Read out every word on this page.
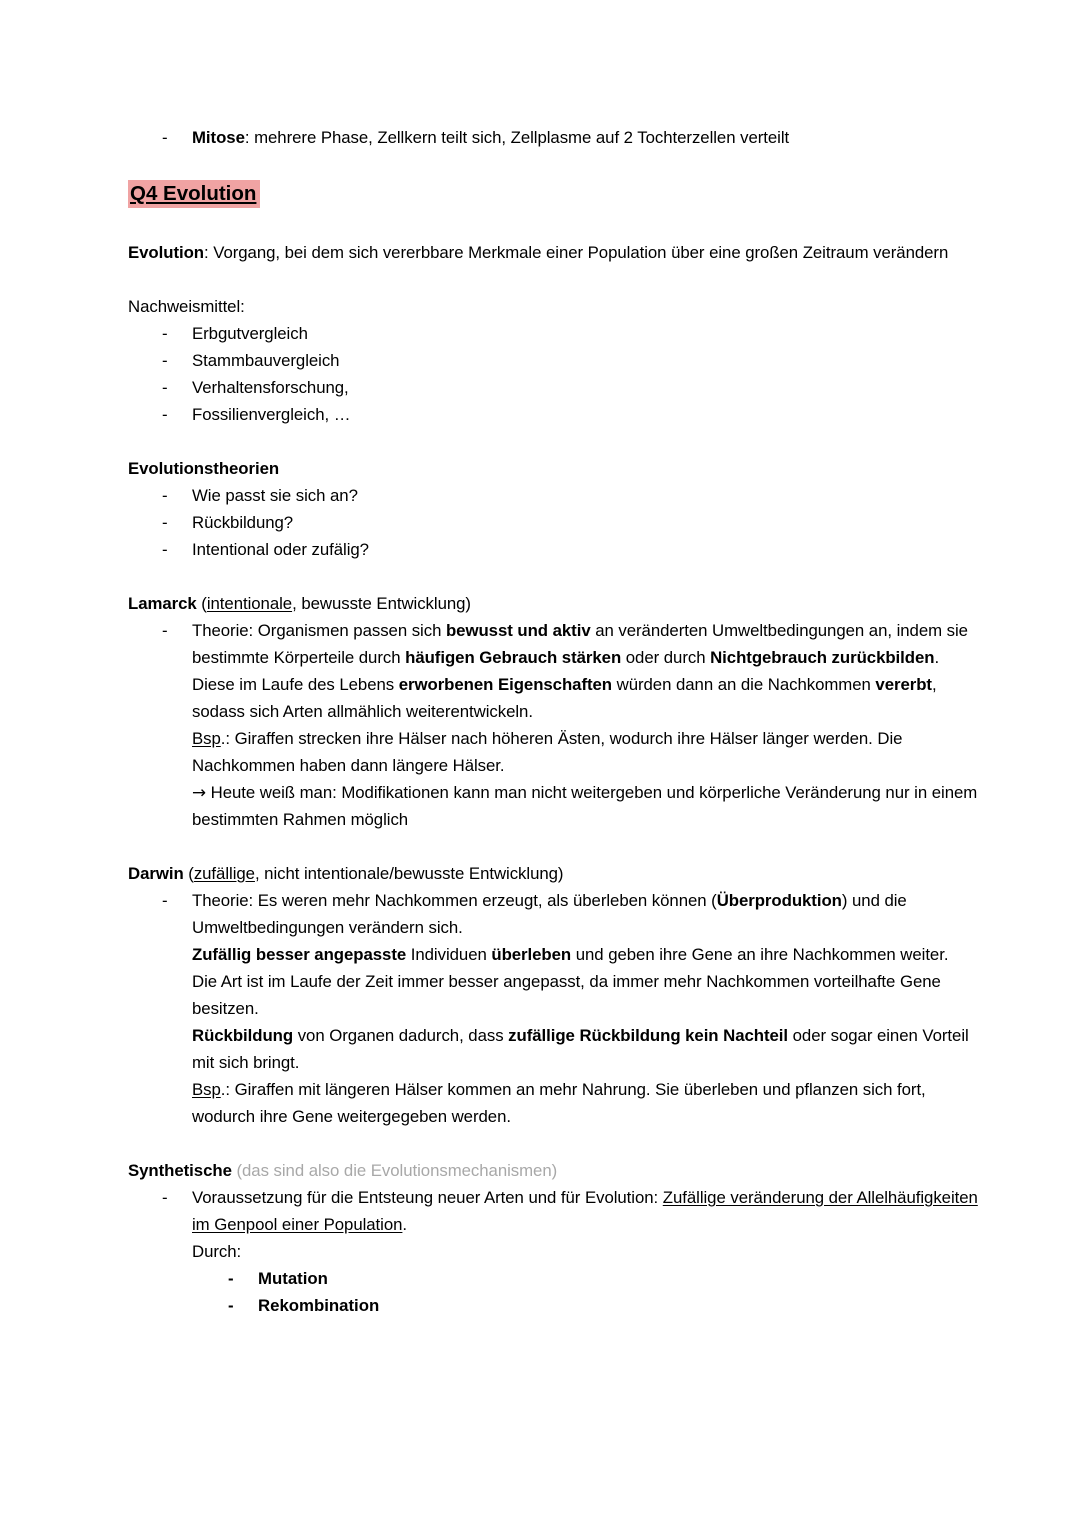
- Mitose: mehrere Phase, Zellkern teilt sich, Zellplasme auf 2 Tochterzellen verteilt

Q4 Evolution

Evolution: Vorgang, bei dem sich vererbbare Merkmale einer Population über eine großen Zeitraum verändern

Nachweismittel:

- Erbgutvergleich
- Stammbauvergleich
- Verhaltensforschung,
- Fossilienvergleich, …

Evolutionstheorien

- Wie passt sie sich an?
- Rückbildung?
- Intentional oder zufälig?

Lamarck (intentionale, bewusste Entwicklung)

- Theorie: Organismen passen sich bewusst und aktiv an veränderten Umweltbedingungen an, indem sie bestimmte Körperteile durch häufigen Gebrauch stärken oder durch Nichtgebrauch zurückbilden. Diese im Laufe des Lebens erworbenen Eigenschaften würden dann an die Nachkommen vererbt, sodass sich Arten allmählich weiterentwickeln.

Bsp.: Giraffen strecken ihre Hälser nach höheren Ästen, wodurch ihre Hälser länger werden. Die Nachkommen haben dann längere Hälser.

→ Heute weiß man: Modifikationen kann man nicht weitergeben und körperliche Veränderung nur in einem bestimmten Rahmen möglich

Darwin (zufällige, nicht intentionale/bewusste Entwicklung)

- Theorie: Es weren mehr Nachkommen erzeugt, als überleben können (Überproduktion) und die Umweltbedingungen verändern sich.

Zufällig besser angepasste Individuen überleben und geben ihre Gene an ihre Nachkommen weiter.

Die Art ist im Laufe der Zeit immer besser angepasst, da immer mehr Nachkommen vorteilhafte Gene besitzen.

Rückbildung von Organen dadurch, dass zufällige Rückbildung kein Nachteil oder sogar einen Vorteil mit sich bringt.

Bsp.: Giraffen mit längeren Hälser kommen an mehr Nahrung. Sie überleben und pflanzen sich fort, wodurch ihre Gene weitergegeben werden.

Synthetische (das sind also die Evolutionsmechanismen)

- Voraussetzung für die Entsteung neuer Arten und für Evolution: Zufällige veränderung der Allelhäufigkeiten im Genpool einer Population.

Durch:

- Mutation
- Rekombination
